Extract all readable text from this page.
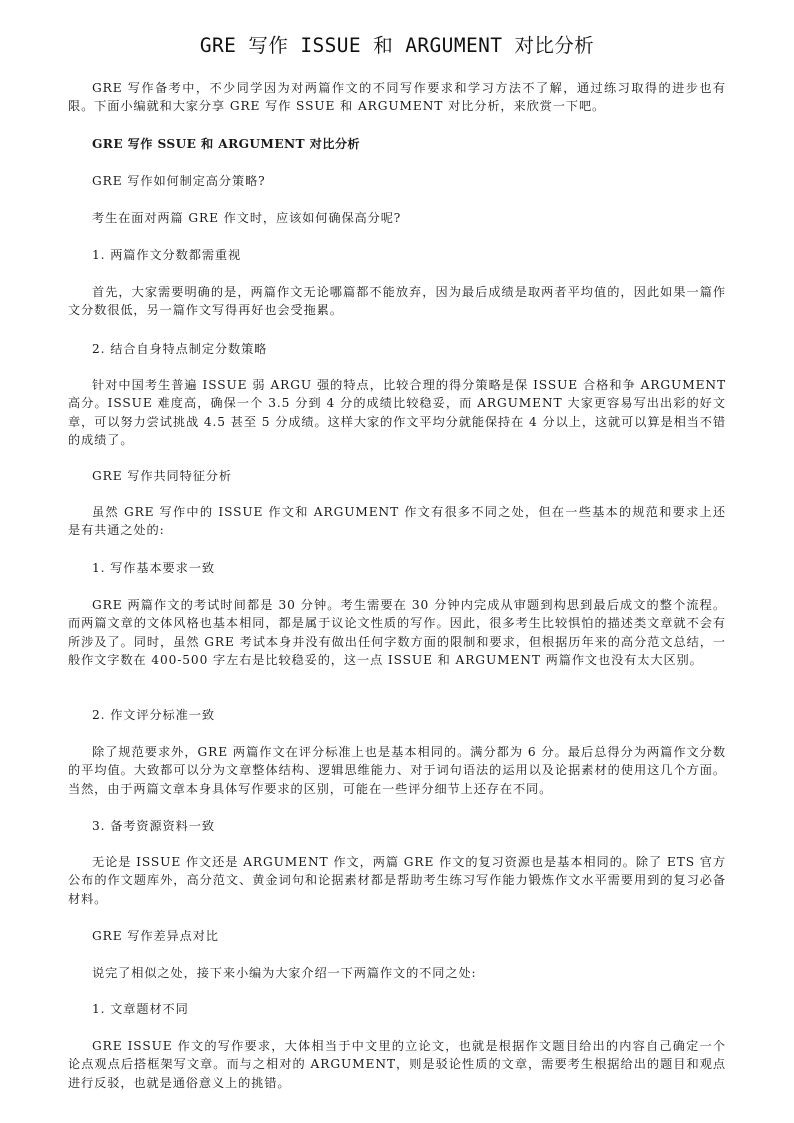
GRE 写作 ISSUE 和 ARGUMENT 对比分析

GRE 写作备考中，不少同学因为对两篇作文的不同写作要求和学习方法不了解，通过练习取得的进步也有限。下面小编就和大家分享 GRE 写作 SSUE 和 ARGUMENT 对比分析，来欣赏一下吧。

GRE 写作 SSUE 和 ARGUMENT 对比分析

GRE 写作如何制定高分策略?

考生在面对两篇 GRE 作文时，应该如何确保高分呢?

1. 两篇作文分数都需重视

首先，大家需要明确的是，两篇作文无论哪篇都不能放弃，因为最后成绩是取两者平均值的，因此如果一篇作文分数很低，另一篇作文写得再好也会受拖累。

2. 结合自身特点制定分数策略

针对中国考生普遍 ISSUE 弱 ARGU 强的特点，比较合理的得分策略是保 ISSUE 合格和争 ARGUMENT 高分。ISSUE 难度高，确保一个 3.5 分到 4 分的成绩比较稳妥，而 ARGUMENT 大家更容易写出出彩的好文章，可以努力尝试挑战 4.5 甚至 5 分成绩。这样大家的作文平均分就能保持在 4 分以上，这就可以算是相当不错的成绩了。

GRE 写作共同特征分析

虽然 GRE 写作中的 ISSUE 作文和 ARGUMENT 作文有很多不同之处，但在一些基本的规范和要求上还是有共通之处的:

1. 写作基本要求一致

GRE 两篇作文的考试时间都是 30 分钟。考生需要在 30 分钟内完成从审题到构思到最后成文的整个流程。而两篇文章的文体风格也基本相同，都是属于议论文性质的写作。因此，很多考生比较惧怕的描述类文章就不会有所涉及了。同时，虽然 GRE 考试本身并没有做出任何字数方面的限制和要求，但根据历年来的高分范文总结，一般作文字数在 400-500 字左右是比较稳妥的，这一点 ISSUE 和 ARGUMENT 两篇作文也没有太大区别。

2. 作文评分标准一致

除了规范要求外，GRE 两篇作文在评分标准上也是基本相同的。满分都为 6 分。最后总得分为两篇作文分数的平均值。大致都可以分为文章整体结构、逻辑思维能力、对于词句语法的运用以及论据素材的使用这几个方面。当然，由于两篇文章本身具体写作要求的区别，可能在一些评分细节上还存在不同。

3. 备考资源资料一致

无论是 ISSUE 作文还是 ARGUMENT 作文，两篇 GRE 作文的复习资源也是基本相同的。除了 ETS 官方公布的作文题库外，高分范文、黄金词句和论据素材都是帮助考生练习写作能力锻炼作文水平需要用到的复习必备材料。

GRE 写作差异点对比

说完了相似之处，接下来小编为大家介绍一下两篇作文的不同之处:

1. 文章题材不同

GRE ISSUE 作文的写作要求，大体相当于中文里的立论文，也就是根据作文题目给出的内容自己确定一个论点观点后搭框架写文章。而与之相对的 ARGUMENT，则是驳论性质的文章，需要考生根据给出的题目和观点进行反驳，也就是通俗意义上的挑错。
